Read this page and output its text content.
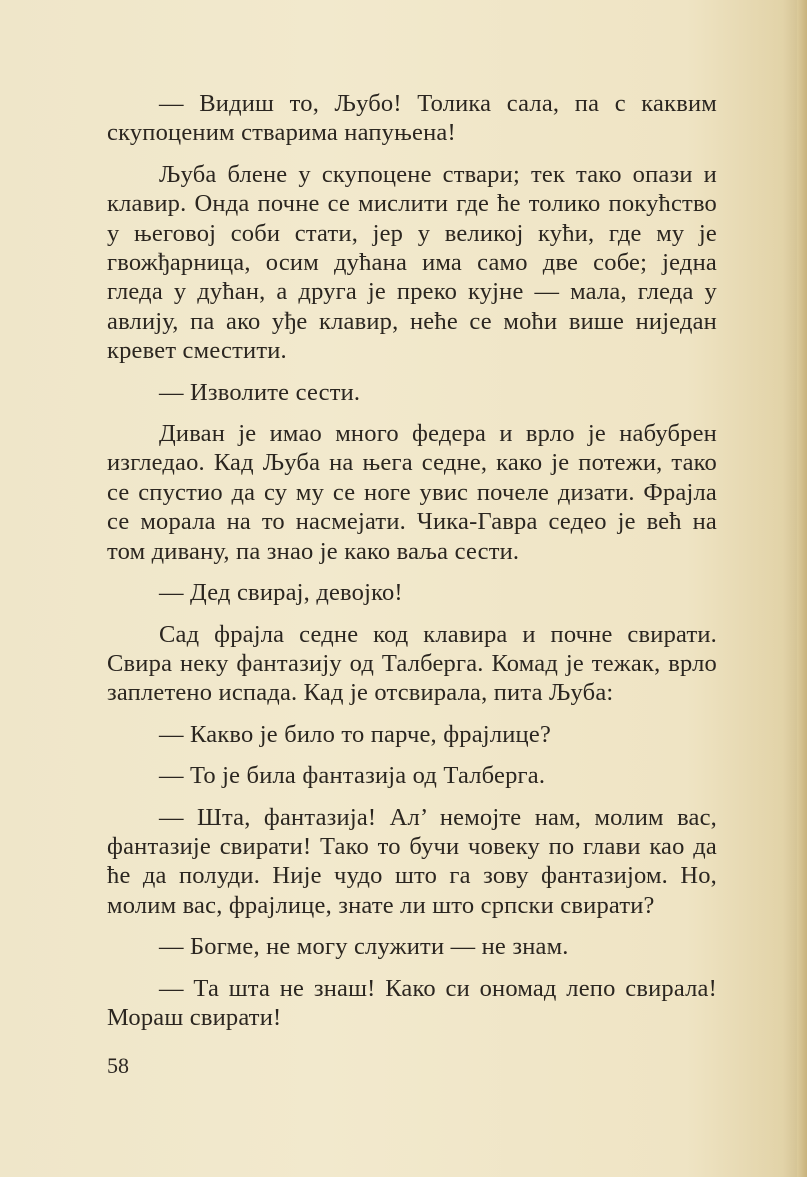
— Видиш то, Љубо! Толика сала, па с каквим скупоценим стварима напуњена!

Љуба блене у скупоцене ствари; тек тако опази и клавир. Онда почне се мислити где ће толико покућство у његовој соби стати, јер у великој кући, где му је гвожђарница, осим дућана има само две собе; једна гледа у дућан, а друга је преко кујне — мала, гледа у авлију, па ако уђе клавир, неће се моћи више ниједан кревет сместити.

— Изволите сести.

Диван је имао много федера и врло је набубрен изгледао. Кад Љуба на њега седне, како је потежи, тако се спустио да су му се ноге увис почеле дизати. Фрајла се морала на то насмејати. Чика-Гавра седео је већ на том дивану, па знао је како ваља сести.

— Дед свирај, девојко!

Сад фрајла седне код клавира и почне свирати. Свира неку фантазију од Талберга. Комад је тежак, врло заплетено испада. Кад је отсвирала, пита Љуба:

— Какво је било то парче, фрајлице?

— То је била фантазија од Талберга.

— Шта, фантазија! Ал’ немојте нам, молим вас, фантазије свирати! Тако то бучи човеку по глави као да ће да полуди. Није чудо што га зову фантазијом. Но, молим вас, фрајлице, знате ли што српски свирати?

— Богме, не могу служити — не знам.

— Та шта не знаш! Како си ономад лепо свирала! Мораш свирати!

58
